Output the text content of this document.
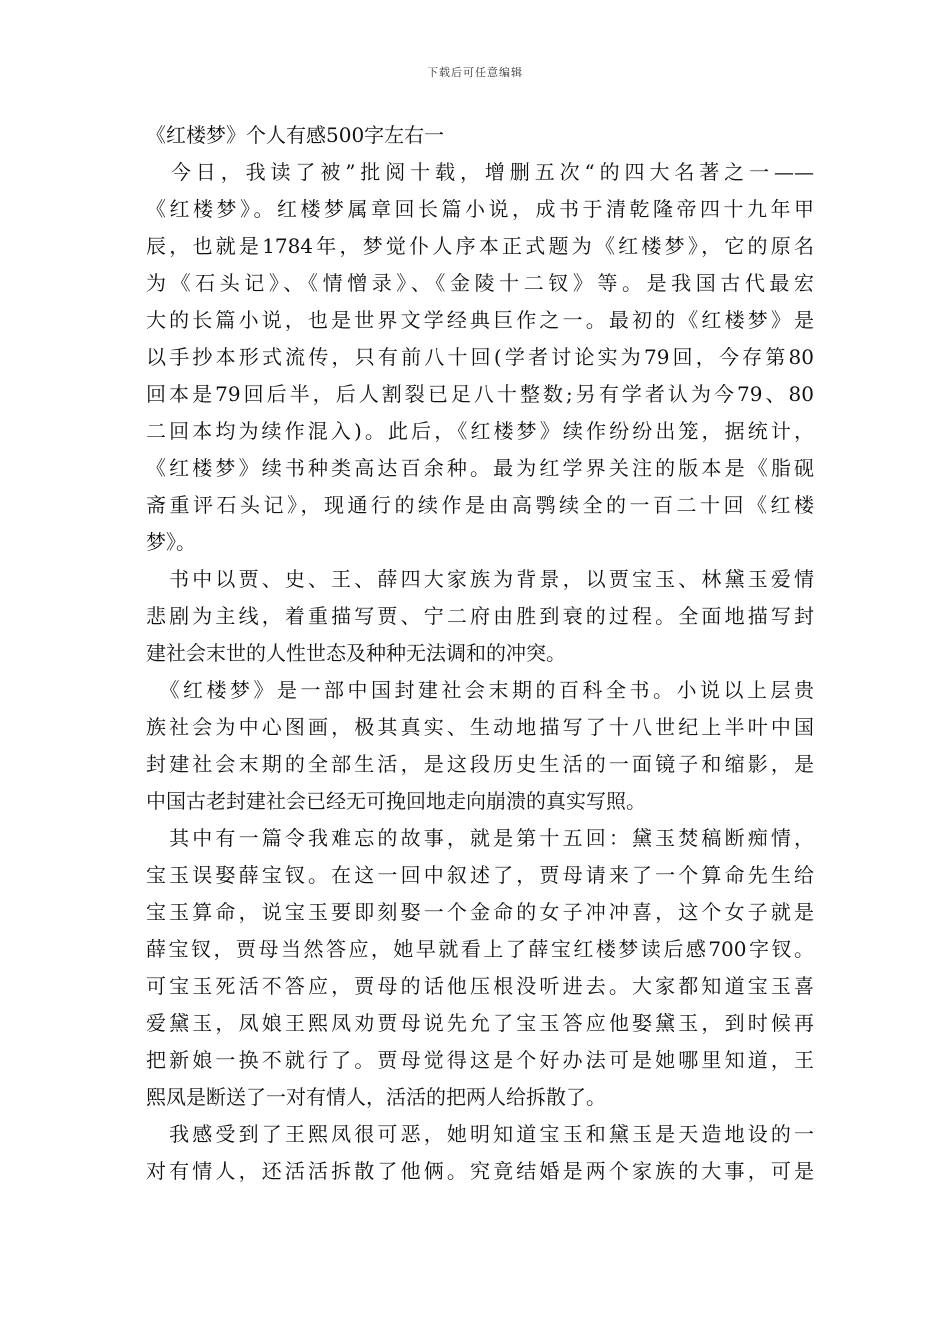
下载后可任意编辑
《红楼梦》个人有感500字左右一
　今日，我读了被”批阅十载，增删五次“的四大名著之一——
《红楼梦》。红楼梦属章回长篇小说，成书于清乾隆帝四十九年甲
辰，也就是1784年，梦觉仆人序本正式题为《红楼梦》，它的原名
为《石头记》、《情憎录》、《金陵十二钗》等。是我国古代最宏
大的长篇小说，也是世界文学经典巨作之一。最初的《红楼梦》是
以手抄本形式流传，只有前八十回(学者讨论实为79回，今存第80
回本是79回后半，后人割裂已足八十整数;另有学者认为今79、80
二回本均为续作混入)。此后，《红楼梦》续作纷纷出笼，据统计，
《红楼梦》续书种类高达百余种。最为红学界关注的版本是《脂砚
斋重评石头记》，现通行的续作是由高鹗续全的一百二十回《红楼
梦》。
　书中以贾、史、王、薛四大家族为背景，以贾宝玉、林黛玉爱情
悲剧为主线，着重描写贾、宁二府由胜到衰的过程。全面地描写封
建社会末世的人性世态及种种无法调和的冲突。
　《红楼梦》是一部中国封建社会末期的百科全书。小说以上层贵
族社会为中心图画，极其真实、生动地描写了十八世纪上半叶中国
封建社会末期的全部生活，是这段历史生活的一面镜子和缩影，是
中国古老封建社会已经无可挽回地走向崩溃的真实写照。
　其中有一篇令我难忘的故事，就是第十五回：黛玉焚稿断痴情，
宝玉误娶薛宝钗。在这一回中叙述了，贾母请来了一个算命先生给
宝玉算命，说宝玉要即刻娶一个金命的女子冲冲喜，这个女子就是
薛宝钗，贾母当然答应，她早就看上了薛宝红楼梦读后感700字钗。
可宝玉死活不答应，贾母的话他压根没听进去。大家都知道宝玉喜
爱黛玉，凤娘王熙凤劝贾母说先允了宝玉答应他娶黛玉，到时候再
把新娘一换不就行了。贾母觉得这是个好办法可是她哪里知道，王
熙凤是断送了一对有情人，活活的把两人给拆散了。
　我感受到了王熙凤很可恶，她明知道宝玉和黛玉是天造地设的一
对有情人，还活活拆散了他俩。究竟结婚是两个家族的大事，可是
